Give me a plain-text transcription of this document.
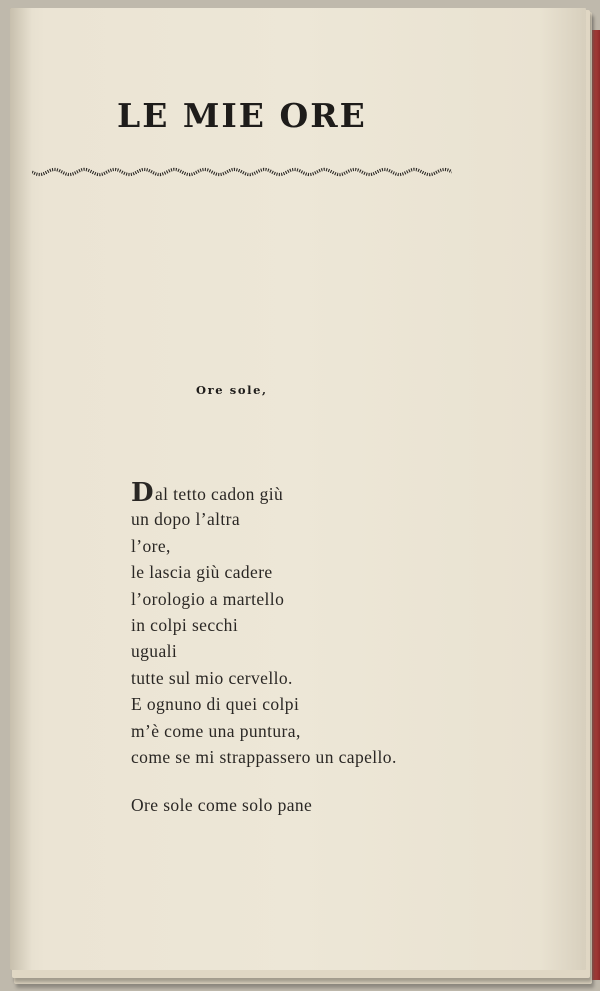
LE MIE ORE
Ore sole,
Dal tetto cadon giù
un dopo l’altra
l’ore,
le lascia giù cadere
l’orologio a martello
in colpi secchi
uguali
tutte sul mio cervello.
E ognuno di quei colpi
m’è come una puntura,
come se mi strappassero un capello.
Ore sole come solo pane
